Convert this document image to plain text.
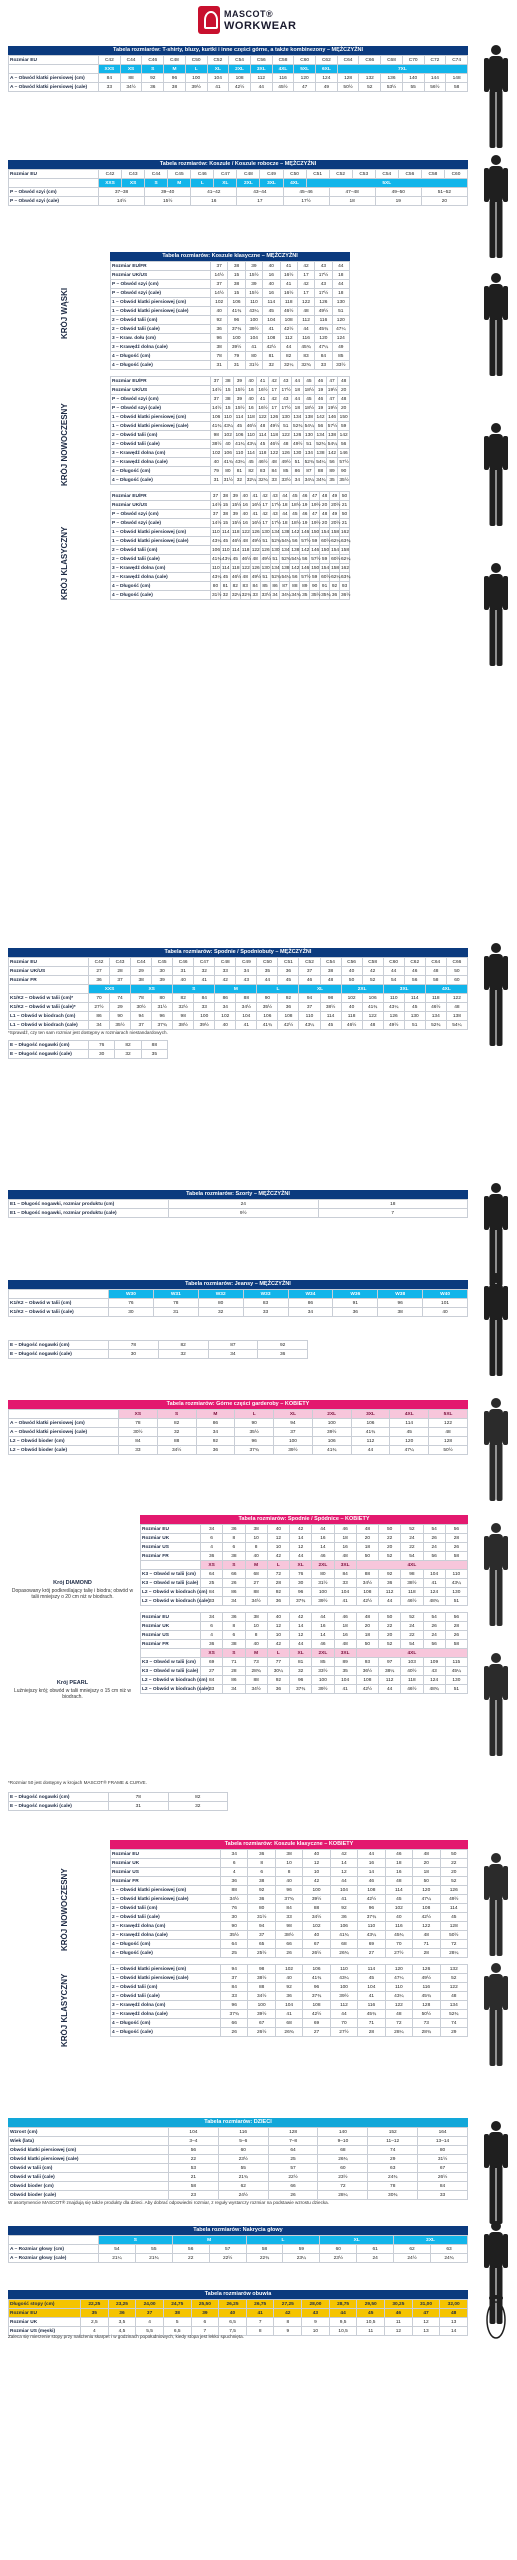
MASCOT®
WORKWEAR
Tabela rozmiarów: T-shirty, bluzy, kurtki i inne części górne, a także kombinezony – MĘŻCZYŹNI
Rozmiar EU	C42	C44	C46	C48	C50	C52	C54	C56	C58	C60	C62	C64	C66	C68	C70	C72	C74
	XXS	XS	S	M	L	XL	2XL	3XL	4XL	5XL	6XL	7XL					
A – Obwód klatki piersiowej (cm)	84	88	92	96	100	104	108	112	116	120	124	128	132	136	140	144	148
A – Obwód klatki piersiowej (cale)	33	34½	36	38	39½	41	42½	44	45½	47	49	50½	52	53½	55	56½	58
Tabela rozmiarów: Koszule / Koszule robocze – MĘŻCZYŹNI
Rozmiar EU	C42	C43	C44	C45	C46	C47	C48	C49	C50	C51	C52	C53	C54	C56	C58	C60
	XXS	XS	S	M	L	XL	2XL	3XL	4XL	5XL						
P – Obwód szyi (cm)	37–38		39–40		41–42		43–44		45–46		47–48		49–50		51–52	
P – Obwód szyi (cale)	14½		15½		16		17		17½		18		19		20	
Tabela rozmiarów: Koszule klasyczne – MĘŻCZYŹNI
Rozmiar EU/FR	37	38	39	40	41	42	43	44
Rozmiar UK/US	14½	15	15½	16	16½	17	17½	18
P – Obwód szyi (cm)	37	38	39	40	41	42	43	44
P – Obwód szyi (cale)	14½	15	15½	16	16½	17	17½	18
1 – Obwód klatki piersiowej (cm)	102	106	110	114	118	122	126	130
1 – Obwód klatki piersiowej (cale)	40	41¾	43¼	45	46½	48	49½	51
2 – Obwód talii (cm)	92	96	100	104	108	112	116	120
2 – Obwód talii (cale)	36	37¾	39½	41	42½	44	45¾	47¼
3 – Kraw. dołu (cm)	96	100	104	108	112	116	120	124
3 – Krawędź dolna (cale)	38	39½	41	42½	44	45¾	47¼	49
4 – Długość (cm)	78	79	80	81	82	83	84	85
4 – Długość (cale)	31	31	31½	32	32¼	32¾	33	33½
Rozmiar EU/FR	37	38	39	40	41	42	43	44	45	46	47	48
Rozmiar UK/US	14½	15	15½	16	16½	17	17½	18	18½	19	19½	20
P – Obwód szyi (cm)	37	38	39	40	41	42	43	44	45	46	47	48
P – Obwód szyi (cale)	14½	15	15½	16	16½	17	17½	18	18½	19	19½	20
1 – Obwód klatki piersiowej (cm)	106	110	114	118	122	126	130	134	138	142	146	150
1 – Obwód klatki piersiowej (cale)	41¾	43¼	45	46½	48	49½	51	52¾	54¼	56	57½	59
2 – Obwód talii (cm)	98	102	106	110	114	118	122	126	130	134	138	142
2 – Obwód talii (cale)	38½	40	41¾	43¼	45	46½	48	49½	51	52¾	54¼	56
3 – Krawędź dolna (cm)	102	106	110	114	118	122	126	130	134	138	142	146
3 – Krawędź dolna (cale)	40	41¾	43¼	45	46½	48	49½	51	52¾	54¼	56	57½
4 – Długość (cm)	79	80	81	82	83	84	85	86	87	88	89	90
4 – Długość (cale)	31	31½	32	32¼	32¾	33	33½	34	34¼	34¾	35	35½
Rozmiar EU/FR	37	38	39	40	41	42	43	44	45	46	47	48	49	50
Rozmiar UK/US	14½	15	15½	16	16½	17	17½	18	18½	19	19½	20	20½	21
P – Obwód szyi (cm)	37	38	39	40	41	42	43	44	45	46	47	48	49	50
P – Obwód szyi (cale)	14½	15	15½	16	16½	17	17½	18	18½	19	19½	20	20½	21
1 – Obwód klatki piersiowej (cm)	110	114	118	122	126	130	134	138	142	146	150	154	158	162
1 – Obwód klatki piersiowej (cale)	43¼	45	46½	48	49½	51	52¾	54¼	56	57½	59	60½	62¼	63¾
2 – Obwód talii (cm)	106	110	114	118	122	126	130	134	138	142	146	150	154	158
2 – Obwód talii (cale)	41¾	43¼	45	46½	48	49½	51	52¾	54¼	56	57½	59	60½	62¼
3 – Krawędź dolna (cm)	110	114	118	122	126	130	134	138	142	146	150	154	158	162
3 – Krawędź dolna (cale)	43¼	45	46½	48	49½	51	52¾	54¼	56	57½	59	60½	62¼	63¾
4 – Długość (cm)	80	81	82	83	84	85	86	87	88	89	90	91	92	93
4 – Długość (cale)	31½	32	32¼	32¾	33	33½	34	34¼	34¾	35	35½	35¾	36	36½
KRÓJ WĄSKI
KRÓJ NOWOCZESNY
KRÓJ KLASYCZNY
Tabela rozmiarów: Spodnie / Spodniobuty – MĘŻCZYŹNI
Rozmiar EU	C42	C43	C44	C45	C46	C47	C48	C49	C50	C51	C52	C54	C56	C58	C60	C62	C64	C66
Rozmiar UK/US	27	28	29	30	31	32	33	34	35	36	37	38	40	42	44	46	48	50
Rozmiar FR	36	37	38	39	40	41	42	43	44	45	46	48	50	52	54	56	58	60
	XXS		XS		S		M		L		XL		2XL		3XL		4XL	
K1/K2 – Obwód w talii (cm)*	70	74	78	80	82	84	86	88	90	92	94	98	102	106	110	114	118	122
K1/K2 – Obwód w talii (cale)*	27½	29	30½	31½	32½	33	34	34½	35½	36	37	38½	40	41¾	43¼	45	46½	48
L1 – Obwód w biodrach (cm)	86	90	94	96	98	100	102	104	106	108	110	114	118	122	126	130	134	138
L1 – Obwód w biodrach (cale)	34	35½	37	37¾	38½	39½	40	41	41¾	42½	43¼	45	46½	48	49½	51	52¾	54¼
*Sprawdź, czy ten sam rozmiar jest dostępny w rozmiarach niestandardowych.
E – Długość nogawki (cm)	76	82	88
E – Długość nogawki (cale)	30	32	35
Tabela rozmiarów: Szorty – MĘŻCZYŹNI
E1 – Długość nogawki, rozmiar produktu (cm)	24	18
E1 – Długość nogawki, rozmiar produktu (cale)	9½	7
Tabela rozmiarów: Jeansy – MĘŻCZYŹNI
	W30	W31	W32	W33	W34	W36	W38	W40
K1/K2 – Obwód w talii (cm)	76	78	80	83	86	91	96	101
K1/K2 – Obwód w talii (cale)	30	31	32	33	34	36	38	40
E – Długość nogawki (cm)	78	82	87	92
E – Długość nogawki (cale)	30	32	34	36
Tabela rozmiarów: Górne części garderoby – KOBIETY
	XS	S	M	L	XL	2XL	3XL	4XL	5XL
A – Obwód klatki piersiowej (cm)	78	82	86	90	94	100	106	114	122
A – Obwód klatki piersiowej (cale)	30½	32	34	35½	37	39½	41¾	45	48
L2 – Obwód bioder (cm)	84	88	92	96	100	106	112	120	128
L2 – Obwód bioder (cale)	33	34½	36	37¾	39½	41¾	44	47¼	50½
Tabela rozmiarów: Spodnie / Spódnice – KOBIETY
Rozmiar EU	34	36	38	40	42	44	46	48	50	52	54	56
Rozmiar UK	6	8	10	12	14	16	18	20	22	24	26	28
Rozmiar US	4	6	8	10	12	14	16	18	20	22	24	26
Rozmiar FR	36	38	40	42	44	46	48	50	52	54	56	58
	XS	S	M	L	XL	2XL	3XL	4XL				
K3 – Obwód w talii (cm)	64	66	68	72	76	80	84	88	92	98	104	110
K3 – Obwód w talii (cale)	25	26	27	28	30	31½	33	34½	36	38½	41	43¼
L2 – Obwód w biodrach (cm)	84	86	88	92	96	100	104	108	112	118	124	130
L2 – Obwód w biodrach (cale)	33	34	34½	36	37¾	39½	41	42½	44	46½	48¾	51
Rozmiar EU	34	36	38	40	42	44	46	48	50	52	54	56
Rozmiar UK	6	8	10	12	14	16	18	20	22	24	26	28
Rozmiar US	4	6	8	10	12	14	16	18	20	22	24	26
Rozmiar FR	36	38	40	42	44	46	48	50	52	54	56	58
	XS	S	M	L	XL	2XL	3XL	4XL				
K3 – Obwód w talii (cm)	69	71	73	77	81	85	89	93	97	103	109	115
K3 – Obwód w talii (cale)	27	28	28¾	30¼	32	33½	35	36½	38¼	40½	43	45¼
L2 – Obwód w biodrach (cm)	84	86	88	92	96	100	104	108	112	118	124	130
L2 – Obwód w biodrach (cale)	33	34	34½	36	37¾	39½	41	42½	44	46½	48¾	51
Krój DIAMOND
Dopasowany krój podkreślający talię i biodra; obwód w talii mniejszy o 20 cm niż w biodrach.
Krój PEARL
Luźniejszy krój; obwód w talii mniejszy o 15 cm niż w biodrach.
*Rozmiar 50 jest dostępny w krojach MASCOT® FRAME & CURVE.
E – Długość nogawki (cm)	78	82
E – Długość nogawki (cale)	31	32
Tabela rozmiarów: Koszule klasyczne – KOBIETY
Rozmiar EU	34	36	38	40	42	44	46	48	50
Rozmiar UK	6	8	10	12	14	16	18	20	22
Rozmiar US	4	6	8	10	12	14	16	18	20
Rozmiar FR	36	38	40	42	44	46	48	50	52
1 – Obwód klatki piersiowej (cm)	88	92	96	100	104	108	114	120	126
1 – Obwód klatki piersiowej (cale)	34½	36	37¾	39½	41	42½	45	47¼	49½
2 – Obwód talii (cm)	76	80	84	88	92	96	102	108	114
2 – Obwód talii (cale)	30	31½	33	34½	36	37¾	40	42½	45
3 – Krawędź dolna (cm)	90	94	98	102	106	110	116	122	128
3 – Krawędź dolna (cale)	35½	37	38½	40	41¾	43¼	45¾	48	50½
4 – Długość (cm)	64	65	66	67	68	69	70	71	72
4 – Długość (cale)	25	25½	26	26½	26¾	27	27½	28	28¼
1 – Obwód klatki piersiowej (cm)	94	98	102	106	110	114	120	126	132
1 – Obwód klatki piersiowej (cale)	37	38½	40	41¾	43¼	45	47¼	49½	52
2 – Obwód talii (cm)	84	88	92	96	100	104	110	116	122
2 – Obwód talii (cale)	33	34½	36	37¾	39½	41	43¼	45¾	48
3 – Krawędź dolna (cm)	96	100	104	108	112	116	122	128	134
3 – Krawędź dolna (cale)	37¾	39½	41	42½	44	45¾	48	50½	52¾
4 – Długość (cm)	66	67	68	69	70	71	72	73	74
4 – Długość (cale)	26	26½	26¾	27	27½	28	28¼	28¾	29
KRÓJ NOWOCZESNY
KRÓJ KLASYCZNY
Tabela rozmiarów: DZIECI
Wzrost (cm)	104	116	128	140	152	164
Wiek (lata)	3–4	5–6	7–8	9–10	11–12	13–14
Obwód klatki piersiowej (cm)	56	60	64	68	74	80
Obwód klatki piersiowej (cale)	22	23½	25	26¾	29	31½
Obwód w talii (cm)	53	55	57	60	63	67
Obwód w talii (cale)	21	21¾	22½	23½	24¾	26½
Obwód bioder (cm)	58	62	66	72	78	84
Obwód bioder (cale)	23	24½	26	28¼	30¾	33
W asortymencie MASCOT® znajdują się także produkty dla dzieci. Aby dobrać odpowiedni rozmiar, z reguły wystarczy rozmiar na podstawie wzrostu dziecka.
Tabela rozmiarów: Nakrycia głowy
	S		M		L		XL		2XL	
A – Rozmiar głowy (cm)	54	55	56	57	58	59	60	61	62	63
A – Rozmiar głowy (cale)	21¼	21¾	22	22½	22¾	23¼	23½	24	24½	24¾
Tabela rozmiarów obuwia
Długość stopy (cm)	22,25	23,25	24,00	24,75	25,50	26,25	26,75	27,25	28,00	28,75	29,50	30,25	31,00	32,00
Rozmiar EU	35	36	37	38	39	40	41	42	43	44	45	46	47	48
Rozmiar UK	2,5	3,5	4	5	6	6,5	7	8	9	9,5	10,5	11	12	13
Rozmiar US (męski)	4	4,5	5,5	6,5	7	7,5	8	9	10	10,5	11	12	13	14
Zaleca się mierzenie stopy przy nałożeniu skarpet i w godzinach popołudniowych, kiedy stopa jest lekko spuchnięta.
